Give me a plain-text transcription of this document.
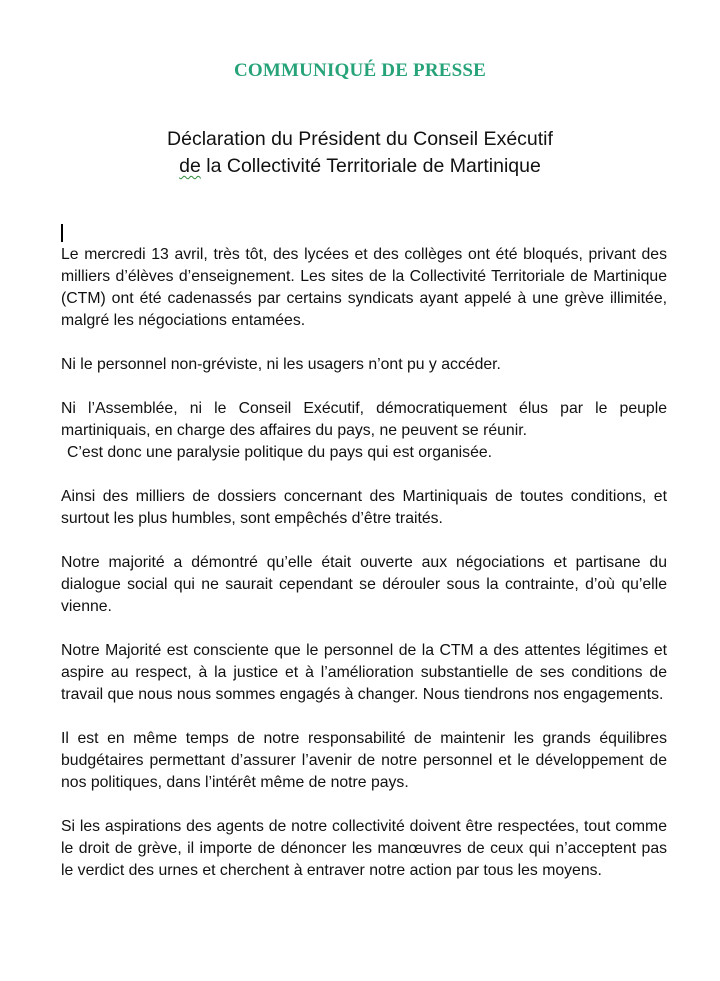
COMMUNIQUÉ DE PRESSE
Déclaration du Président du Conseil Exécutif
de la Collectivité Territoriale de Martinique

Le mercredi 13 avril, très tôt, des lycées et des collèges ont été bloqués, privant des milliers d’élèves d’enseignement. Les sites de la Collectivité Territoriale de Martinique (CTM) ont été cadenassés par certains syndicats ayant appelé à une grève illimitée, malgré les négociations entamées.

Ni le personnel non-gréviste, ni les usagers n’ont pu y accéder.

Ni l’Assemblée, ni le Conseil Exécutif, démocratiquement élus par le peuple martiniquais, en charge des affaires du pays, ne peuvent se réunir.
C’est donc une paralysie politique du pays qui est organisée.

Ainsi des milliers de dossiers concernant des Martiniquais de toutes conditions, et surtout les plus humbles, sont empêchés d’être traités.

Notre majorité a démontré qu’elle était ouverte aux négociations et partisane du dialogue social qui ne saurait cependant se dérouler sous la contrainte, d’où qu’elle vienne.

Notre Majorité est consciente que le personnel de la CTM a des attentes légitimes et aspire au respect, à la justice et à l’amélioration substantielle de ses conditions de travail que nous nous sommes engagés à changer. Nous tiendrons nos engagements.

Il est en même temps de notre responsabilité de maintenir les grands équilibres budgétaires permettant d’assurer l’avenir de notre personnel et le développement de nos politiques, dans l’intérêt même de notre pays.

Si les aspirations des agents de notre collectivité doivent être respectées, tout comme le droit de grève, il importe de dénoncer les manœuvres de ceux qui n’acceptent pas le verdict des urnes et cherchent à entraver notre action par tous les moyens.
